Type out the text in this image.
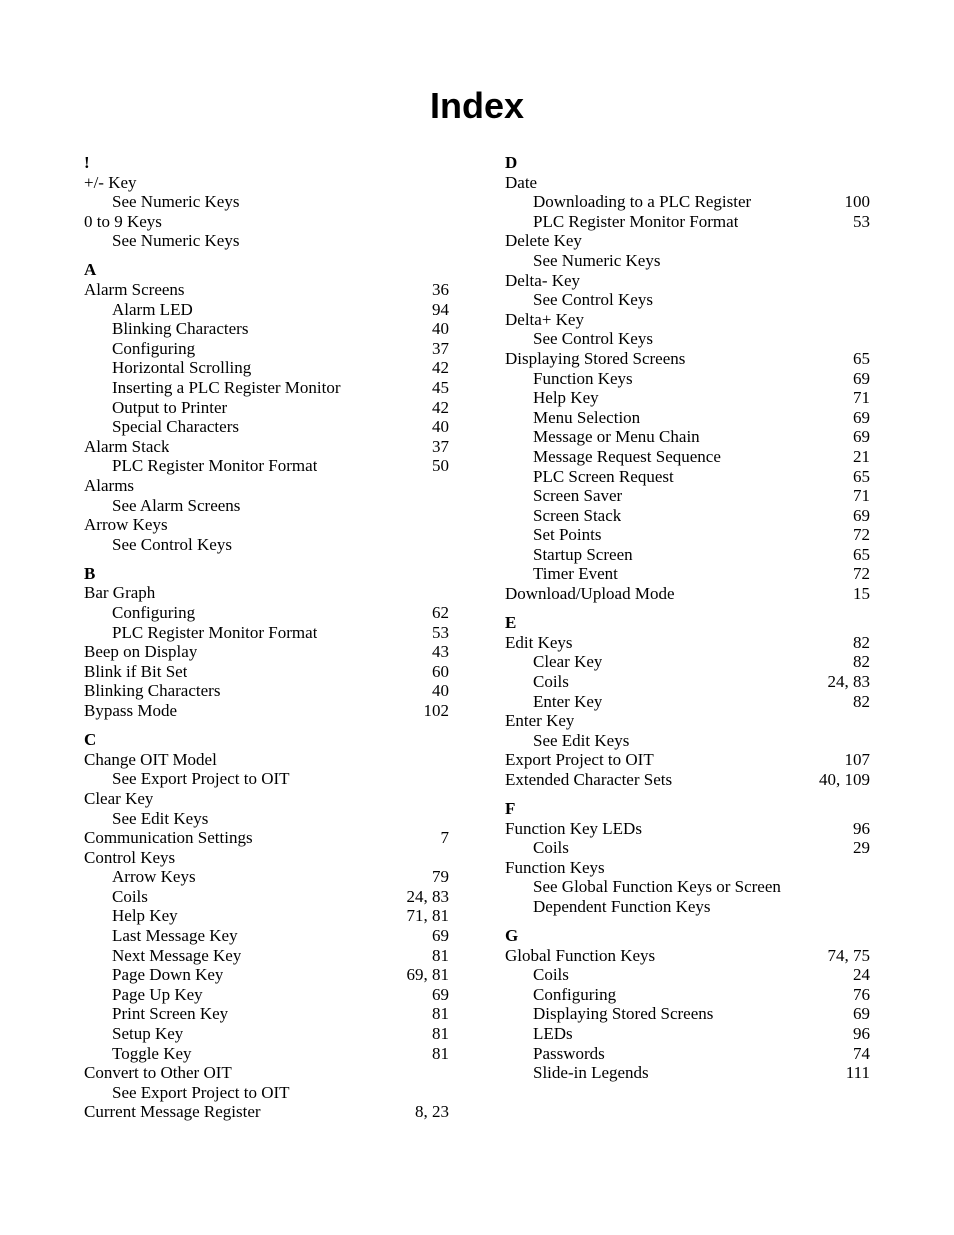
Index
!
+/- Key
See Numeric Keys
0 to 9 Keys
See Numeric Keys
A
Alarm Screens	36
Alarm LED	94
Blinking Characters	40
Configuring	37
Horizontal Scrolling	42
Inserting a PLC Register Monitor	45
Output to Printer	42
Special Characters	40
Alarm Stack	37
PLC Register Monitor Format	50
Alarms
See Alarm Screens
Arrow Keys
See Control Keys
B
Bar Graph
Configuring	62
PLC Register Monitor Format	53
Beep on Display	43
Blink if Bit Set	60
Blinking Characters	40
Bypass Mode	102
C
Change OIT Model
See Export Project to OIT
Clear Key
See Edit Keys
Communication Settings	7
Control Keys
Arrow Keys	79
Coils	24, 83
Help Key	71, 81
Last Message Key	69
Next Message Key	81
Page Down Key	69, 81
Page Up Key	69
Print Screen Key	81
Setup Key	81
Toggle Key	81
Convert to Other OIT
See Export Project to OIT
Current Message Register	8, 23
D
Date
Downloading to a PLC Register	100
PLC Register Monitor Format	53
Delete Key
See Numeric Keys
Delta- Key
See Control Keys
Delta+ Key
See Control Keys
Displaying Stored Screens	65
Function Keys	69
Help Key	71
Menu Selection	69
Message or Menu Chain	69
Message Request Sequence	21
PLC Screen Request	65
Screen Saver	71
Screen Stack	69
Set Points	72
Startup Screen	65
Timer Event	72
Download/Upload Mode	15
E
Edit Keys	82
Clear Key	82
Coils	24, 83
Enter Key	82
Enter Key
See Edit Keys
Export Project to OIT	107
Extended Character Sets	40, 109
F
Function Key LEDs	96
Coils	29
Function Keys
See Global Function Keys or Screen
Dependent Function Keys
G
Global Function Keys	74, 75
Coils	24
Configuring	76
Displaying Stored Screens	69
LEDs	96
Passwords	74
Slide-in Legends	111
